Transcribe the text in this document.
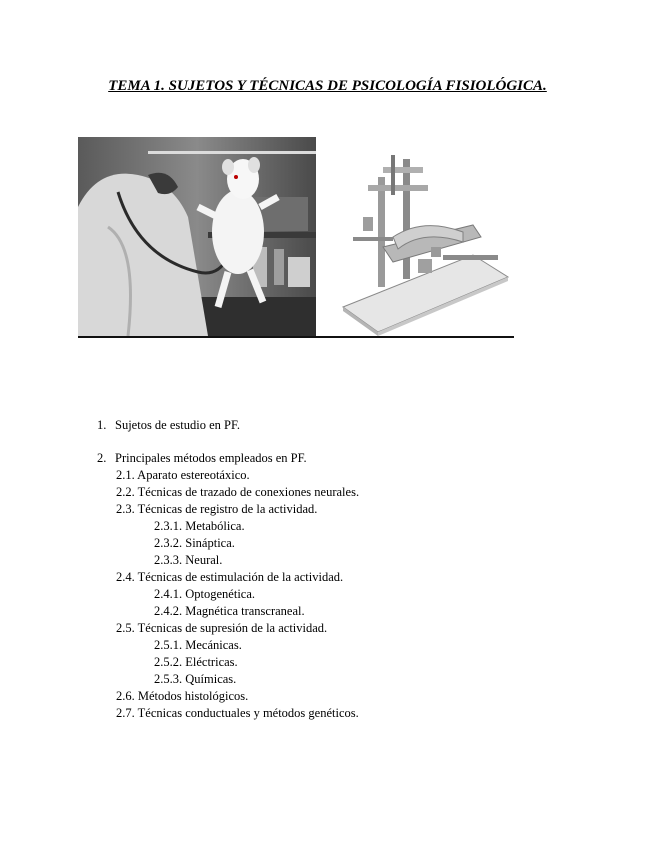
TEMA 1. SUJETOS Y TÉCNICAS DE PSICOLOGÍA FISIOLÓGICA.
1. Sujetos de estudio en PF.
2. Principales métodos empleados en PF.
2.1. Aparato estereotáxico.
2.2. Técnicas de trazado de conexiones neurales.
2.3. Técnicas de registro de la actividad.
2.3.1. Metabólica.
2.3.2. Sináptica.
2.3.3. Neural.
2.4. Técnicas de estimulación de la actividad.
2.4.1. Optogenética.
2.4.2. Magnética transcraneal.
2.5. Técnicas de supresión de la actividad.
2.5.1. Mecánicas.
2.5.2. Eléctricas.
2.5.3. Químicas.
2.6. Métodos histológicos.
2.7. Técnicas conductuales y métodos genéticos.
